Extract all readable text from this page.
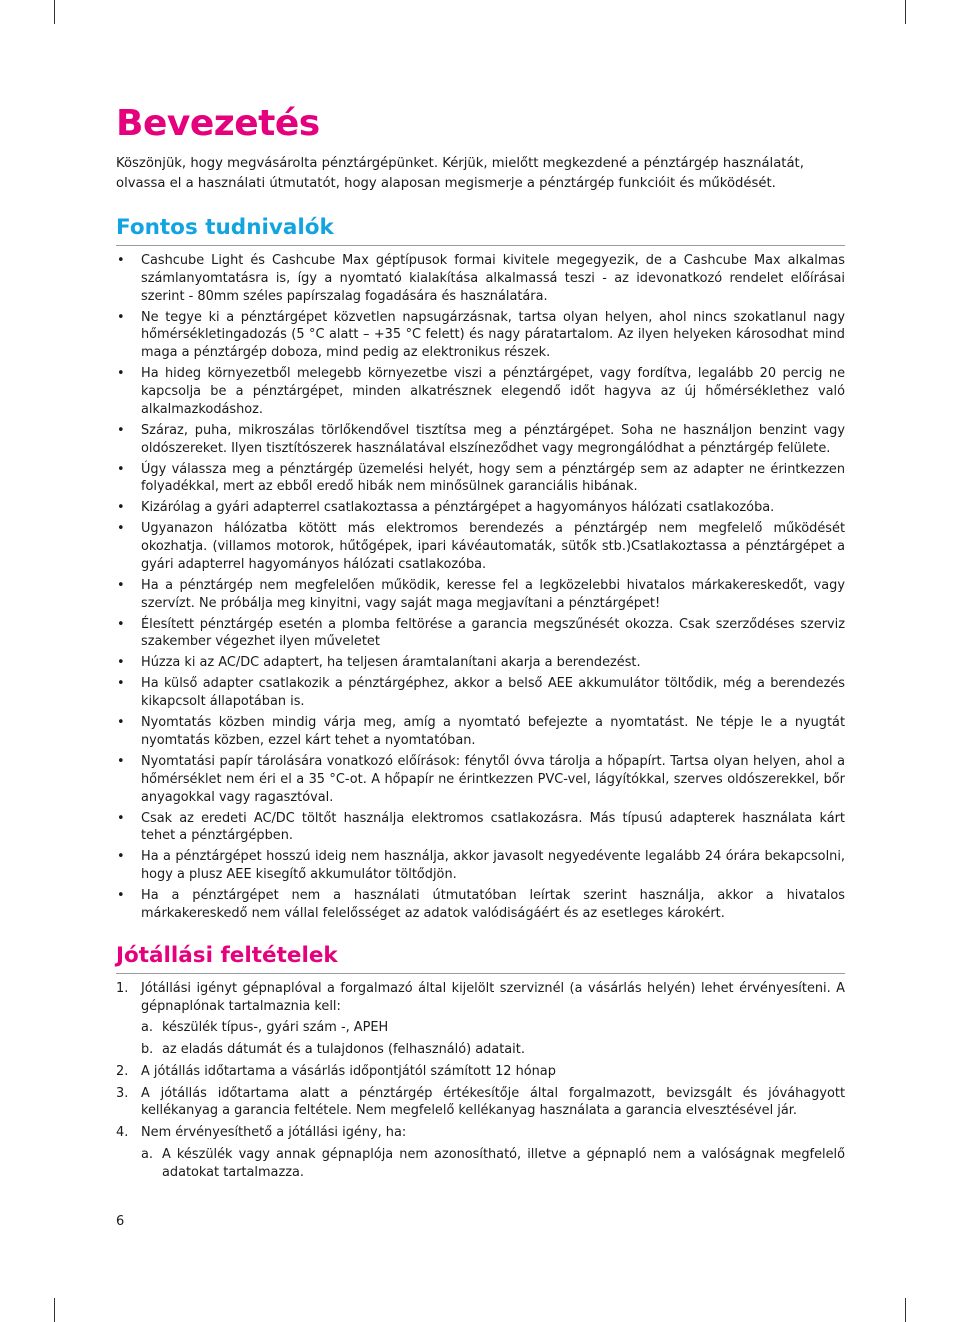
Bevezetés

Köszönjük, hogy megvásárolta pénztárgépünket. Kérjük, mielőtt megkezdené a pénztárgép használatát, olvassa el a használati útmutatót, hogy alaposan megismerje a pénztárgép funkcióit és működését.

Fontos tudnivalók
• Cashcube Light és Cashcube Max géptípusok formai kivitele megegyezik, de a Cashcube Max alkalmas számlanyomtatásra is, így a nyomtató kialakítása alkalmassá teszi - az idevonatkozó rendelet előírásai szerint - 80mm széles papírszalag fogadására és használatára.
• Ne tegye ki a pénztárgépet közvetlen napsugárzásnak, tartsa olyan helyen, ahol nincs szokatlanul nagy hőmérsékletingadozás (5 °C alatt – +35 °C felett) és nagy páratartalom. Az ilyen helyeken károsodhat mind maga a pénztárgép doboza, mind pedig az elektronikus részek.
• Ha hideg környezetből melegebb környezetbe viszi a pénztárgépet, vagy fordítva, legalább 20 percig ne kapcsolja be a pénztárgépet, minden alkatrésznek elegendő időt hagyva az új hőmérséklethez való alkalmazkodáshoz.
• Száraz, puha, mikroszálas törlőkendővel tisztítsa meg a pénztárgépet. Soha ne használjon benzint vagy oldószereket. Ilyen tisztítószerek használatával elszíneződhet vagy megrongálódhat a pénztárgép felülete.
• Úgy válassza meg a pénztárgép üzemelési helyét, hogy sem a pénztárgép sem az adapter ne érintkezzen folyadékkal, mert az ebből eredő hibák nem minősülnek garanciális hibának.
• Kizárólag a gyári adapterrel csatlakoztassa a pénztárgépet a hagyományos hálózati csatlakozóba.
• Ugyanazon hálózatba kötött más elektromos berendezés a pénztárgép nem megfelelő működését okozhatja. (villamos motorok, hűtőgépek, ipari kávéautomaták, sütők stb.)Csatlakoztassa a pénztárgépet a gyári adapterrel hagyományos hálózati csatlakozóba.
• Ha a pénztárgép nem megfelelően működik, keresse fel a legközelebbi hivatalos márkakereskedőt, vagy szervízt. Ne próbálja meg kinyitni, vagy saját maga megjavítani a pénztárgépet!
• Élesített pénztárgép esetén a plomba feltörése a garancia megszűnését okozza. Csak szerződéses szerviz szakember végezhet ilyen műveletet
• Húzza ki az AC/DC adaptert, ha teljesen áramtalanítani akarja a berendezést.
• Ha külső adapter csatlakozik a pénztárgéphez, akkor a belső AEE akkumulátor töltődik, még a berendezés kikapcsolt állapotában is.
• Nyomtatás közben mindig várja meg, amíg a nyomtató befejezte a nyomtatást. Ne tépje le a nyugtát nyomtatás közben, ezzel kárt tehet a nyomtatóban.
• Nyomtatási papír tárolására vonatkozó előírások: fénytől óvva tárolja a hőpapírt. Tartsa olyan helyen, ahol a hőmérséklet nem éri el a 35 °C-ot. A hőpapír ne érintkezzen PVC-vel, lágyítókkal, szerves oldószerekkel, bőr anyagokkal vagy ragasztóval.
• Csak az eredeti AC/DC töltőt használja elektromos csatlakozásra. Más típusú adapterek használata kárt tehet a pénztárgépben.
• Ha a pénztárgépet hosszú ideig nem használja, akkor javasolt negyedévente legalább 24 órára bekapcsolni, hogy a plusz AEE kisegítő akkumulátor töltődjön.
• Ha a pénztárgépet nem a használati útmutatóban leírtak szerint használja, akkor a hivatalos márkakereskedő nem vállal felelősséget az adatok valódiságáért és az esetleges károkért.
Jótállási feltételek
1. Jótállási igényt gépnaplóval a forgalmazó által kijelölt szerviznél (a vásárlás helyén) lehet érvényesíteni. A gépnaplónak tartalmaznia kell:
a. készülék típus-, gyári szám -, APEH
b. az eladás dátumát és a tulajdonos (felhasználó) adatait.
2. A jótállás időtartama a vásárlás időpontjától számított 12 hónap
3. A jótállás időtartama alatt a pénztárgép értékesítője által forgalmazott, bevizsgált és jóváhagyott kellékanyag a garancia feltétele. Nem megfelelő kellékanyag használata a garancia elvesztésével jár.
4. Nem érvényesíthető a jótállási igény, ha:
a. A készülék vagy annak gépnaplója nem azonosítható, illetve a gépnapló nem a valóságnak megfelelő adatokat tartalmazza.
6
